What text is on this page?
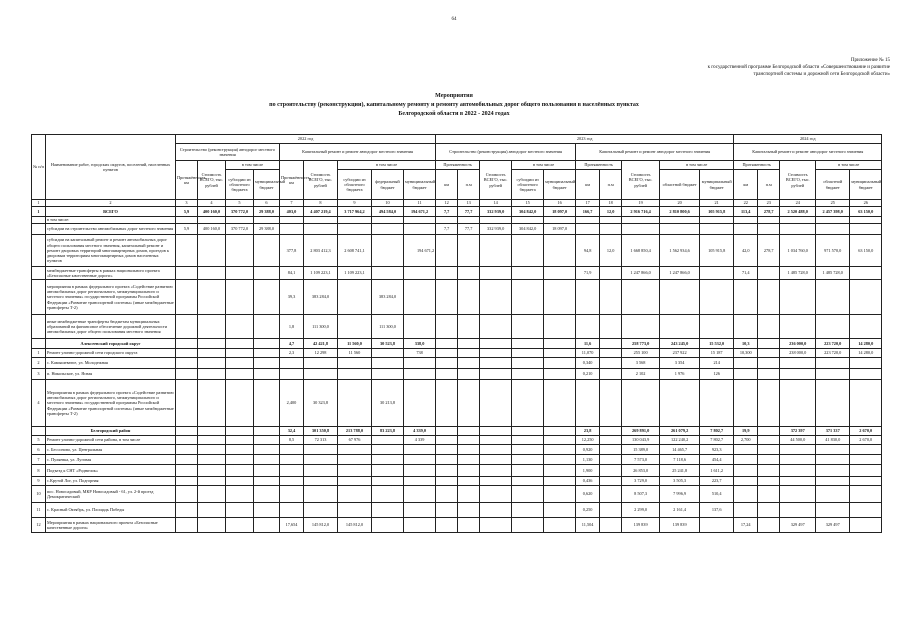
64
Приложение № 15
к государственной программе Белгородской области «Совершенствование и развитие
транспортной системы и дорожной сети Белгородской области»
Мероприятия
по строительству (реконструкции), капитальному ремонту и ремонту автомобильных дорог общего пользования в населённых пунктах
Белгородской области в 2022 - 2024 годах
№ п/п	Наименование работ, городских округов, поселений, населенных пунктов	2022 год									2023 год										2024 год				
		Строительство (реконструкция) автодорог местного значения				Капитальный ремонт и ремонт автодорог местного значения					Строительство (реконструкция) автодорог местного значения					Капитальный ремонт и ремонт автодорог местного значения					Капитальный ремонт и ремонт автодорог местного значения				
		Протяжённость, км	Стоимость ВСЕГО, тыс. рублей	в том числе		Протяжённость, км	Стоимость ВСЕГО, тыс. рублей	в том числе			Протяженность		Стоимость ВСЕГО, тыс. рублей	в том числе		Протяженность		Стоимость ВСЕГО, тыс. рублей	в том числе		Протяженность		Стоимость ВСЕГО, тыс. рублей	в том числе	
				субсидии из областного бюджета	муниципальный бюджет			субсидии из областного бюджета	федеральный бюджет	муниципальный бюджет	км	п.м		субсидии из областного бюджета	муниципальный бюджет	км	п.м		областной бюджет	муниципальный бюджет	км	п.м		областной бюджет	муниципальный бюджет
1	2	3	4	5	6	7	8	9	10	11	12	13	14	15	16	17	18	19	20	21	22	23	24	25	26
1	ВСЕГО	5,9	400 160,0	370 772,0	29 388,0	403,0	4 407 219,4	3 717 964,2	494 584,0	194 671,2	7,7	77,7	332 939,0	304 842,0	18 097,0	166,7	12,0	2 916 716,4	2 810 800,6	105 915,8	113,4	278,7	2 520 488,0	2 457 398,0	63 150,0
	в том числе:																								
	субсидии на строительство автомобильных дорог местного значения	5,9	400 160,0	370 772,0	29 388,0						7,7	77,7	332 939,0	304 842,0	18 097,0										
	субсидии на капитальный ремонт и ремонт автомобильных дорог общего пользования местного значения, капитальный ремонт и ремонт дворовых территорий многоквартирных домов, проездов к дворовым территориям многоквартирных домов населенных пунктов					377,8	2 803 412,3	2 608 741,1		194 671,2						94,8	12,0	1 668 850,4	1 562 934,6	105 915,8	42,0	278,7	1 034 760,0	971 570,0	63 150,0
	межбюджетные трансферты в рамках национального проекта «Безопасные качественные дороги»					84,1	1 109 223,1	1 109 223,1								71,9		1 247 866,0	1 247 866,0		71,4		1 485 728,0	1 485 728,0	
	мероприятия в рамках федерального проекта «Содействие развитию автомобильных дорог регионального, межмуниципального и местного значения» государственной программы Российской Федерации «Развитие транспортной системы» (иные межбюджетные трансферты Т-2)					39,3	383 284,0		383 284,0																
	иные межбюджетные трансферты бюджетам муниципальных образований на финансовое обеспечение дорожной деятельности автомобильных дорог общего пользования местного значения					1,8	111 300,0		111 300,0																
	Алексеевский городской округ					4,7	42 421,8	11 560,0	30 523,8	338,0						11,6		258 773,0	243 245,0	15 532,0	10,3		236 000,0	223 720,0	14 280,0
1	Ремонт улично-дорожной сети городского округа					2,3	12 298	11 560		738						11,070		255 100	237 922	15 187	10,300		238 000,0	223 720,0	14 280,0
2	с. Камышеватое, ул. Молодежная															0,340		3 568	3 354	214					
3	п. Никольское, ул. Ясная															0,210		2 102	1 976	126					
4	Мероприятия в рамках федерального проекта «Содействие развитию автомобильных дорог регионального, межмуниципального и местного значения» государственной программы Российской Федерации «Развитие транспортной системы» (иные межбюджетные трансферты Т-2)					2,400	30 323,8		30 213,8																
	Белгородский район					32,4	301 350,8	213 788,0	83 223,8	4 339,0						23,8		269 891,0	261 079,2	7 802,7	19,9		372 397	371 337	2 670,0
5	Ремонт улично-дорожной сети района, в том числе					8,5	72 313	67 976		4 339						12,250		130 043,9	122 240,2	7 802,7	2,700		44 500,0	41 830,0	2 670,0
6	с. Бессоново, ул. Центральная															0,920		15 389,0	14 465,7	923,3					
7	с. Пуляевка, ул. Луговая															1,130		7 573,0	7 118,6	454,4					
8	Подъезд к СНТ «Родничок»															1,900		26 853,0	25 241,8	1 611,2					
9	с.Крутой Лог, ул. Подгорная															0,436		3 729,0	3 505,3	223,7					
10	пос. Новосадовый, МКР Новосадовый - 61, ул. 2-й проезд Демократический															0,620		8 507,3	7 996,9	510,4					
11	с. Красный Октябрь, ул. Площадь Победы															0,250		2 299,0	2 161,4	137,6					
12	Мероприятия в рамках национального проекта «Безопасные качественные дороги»					17,654	145 812,0	145 812,0								11,504		139 839	139 839		17,24		329 497	329 497	
